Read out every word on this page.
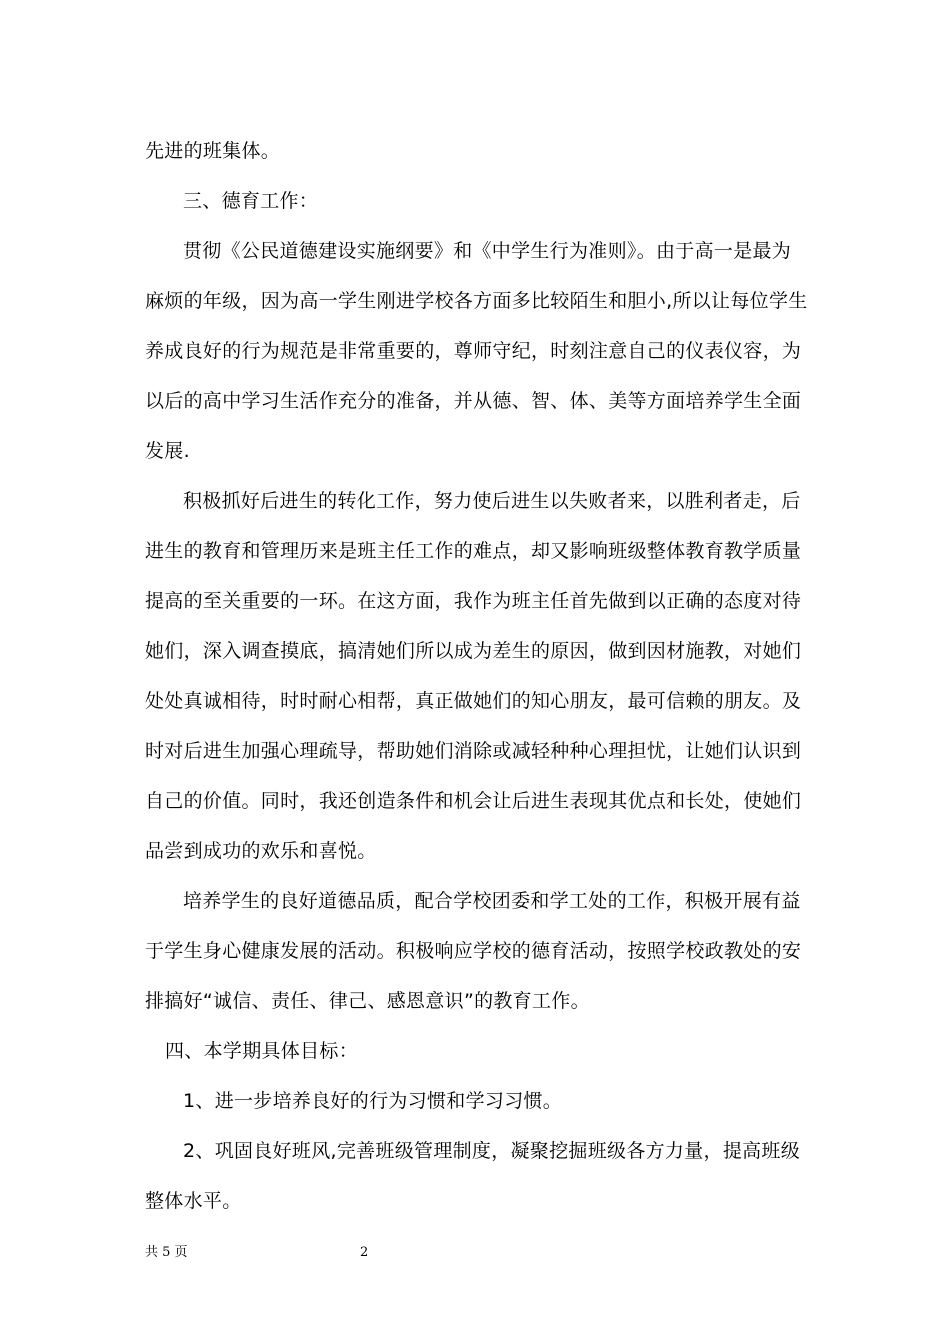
先进的班集体。
三、德育工作：
贯彻《公民道德建设实施纲要》和《中学生行为准则》。由于高一是最为
麻烦的年级，因为高一学生刚进学校各方面多比较陌生和胆小,所以让每位学生
养成良好的行为规范是非常重要的，尊师守纪，时刻注意自己的仪表仪容，为
以后的高中学习生活作充分的准备，并从德、智、体、美等方面培养学生全面
发展.
积极抓好后进生的转化工作，努力使后进生以失败者来，以胜利者走，后
进生的教育和管理历来是班主任工作的难点，却又影响班级整体教育教学质量
提高的至关重要的一环。在这方面，我作为班主任首先做到以正确的态度对待
她们，深入调查摸底，搞清她们所以成为差生的原因，做到因材施教，对她们
处处真诚相待，时时耐心相帮，真正做她们的知心朋友，最可信赖的朋友。及
时对后进生加强心理疏导，帮助她们消除或减轻种种心理担忧，让她们认识到
自己的价值。同时，我还创造条件和机会让后进生表现其优点和长处，使她们
品尝到成功的欢乐和喜悦。
培养学生的良好道德品质，配合学校团委和学工处的工作，积极开展有益
于学生身心健康发展的活动。积极响应学校的德育活动，按照学校政教处的安
排搞好“诚信、责任、律己、感恩意识”的教育工作。
四、本学期具体目标：
1、进一步培养良好的行为习惯和学习习惯。
2、巩固良好班风,完善班级管理制度，凝聚挖掘班级各方力量，提高班级
整体水平。
共 5 页	2
